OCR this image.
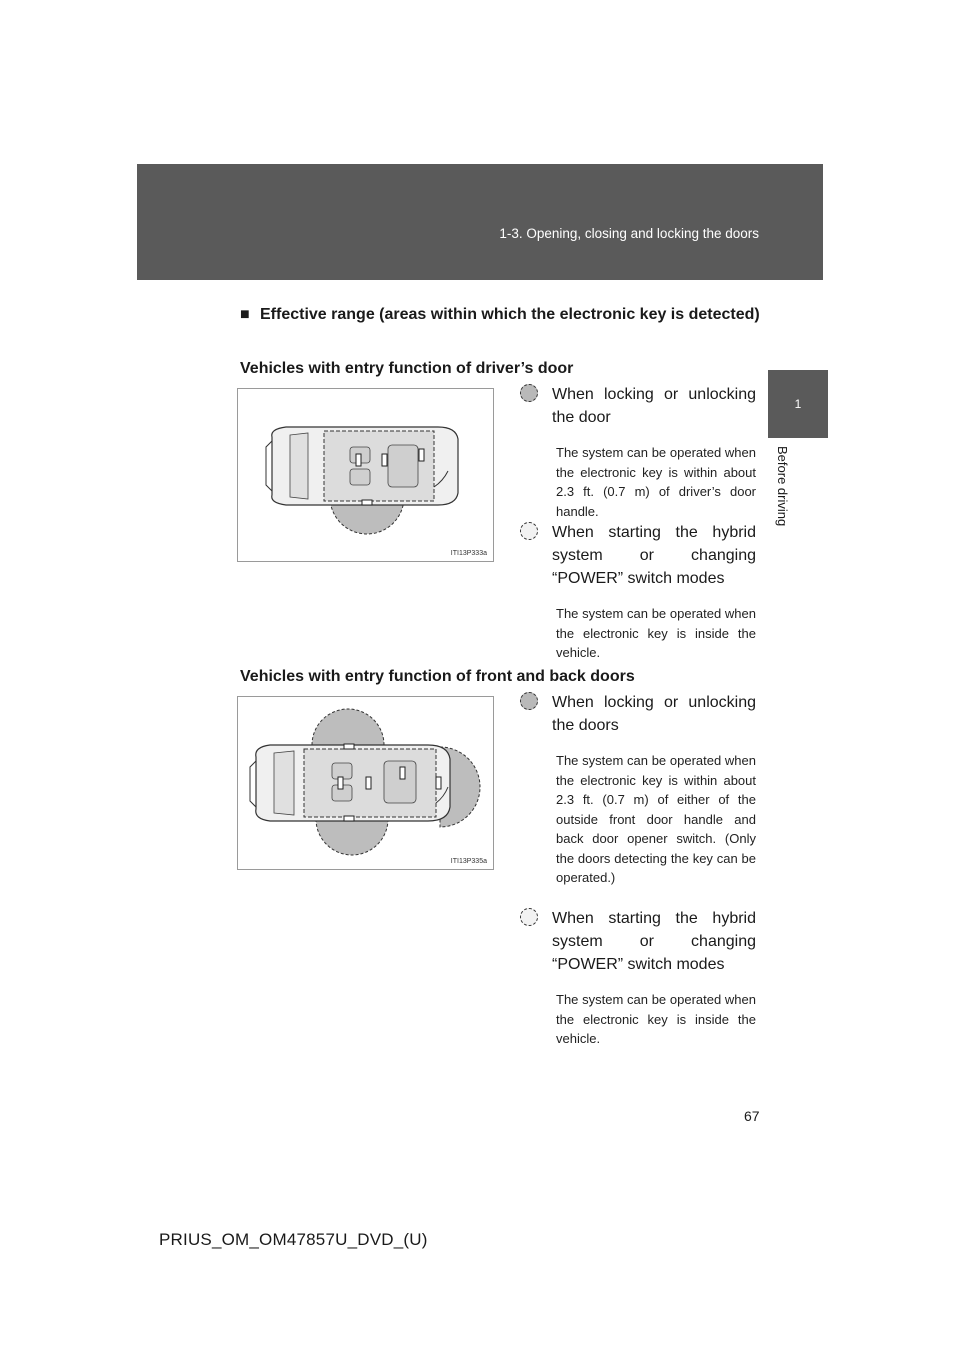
1-3. Opening, closing and locking the doors
1
Before driving
■ Effective range (areas within which the electronic key is detected)
Vehicles with entry function of driver’s door
ITI13P333a
When locking or unlocking the door
The system can be operated when the electronic key is within about 2.3 ft. (0.7 m) of driver’s door handle.
When starting the hybrid system or changing “POWER” switch modes
The system can be operated when the electronic key is inside the vehicle.
Vehicles with entry function of front and back doors
ITI13P335a
When locking or unlocking the doors
The system can be operated when the electronic key is within about 2.3 ft. (0.7 m) of either of the outside front door handle and back door opener switch. (Only the doors detecting the key can be operated.)
When starting the hybrid system or changing “POWER” switch modes
The system can be operated when the electronic key is inside the vehicle.
67
PRIUS_OM_OM47857U_DVD_(U)
